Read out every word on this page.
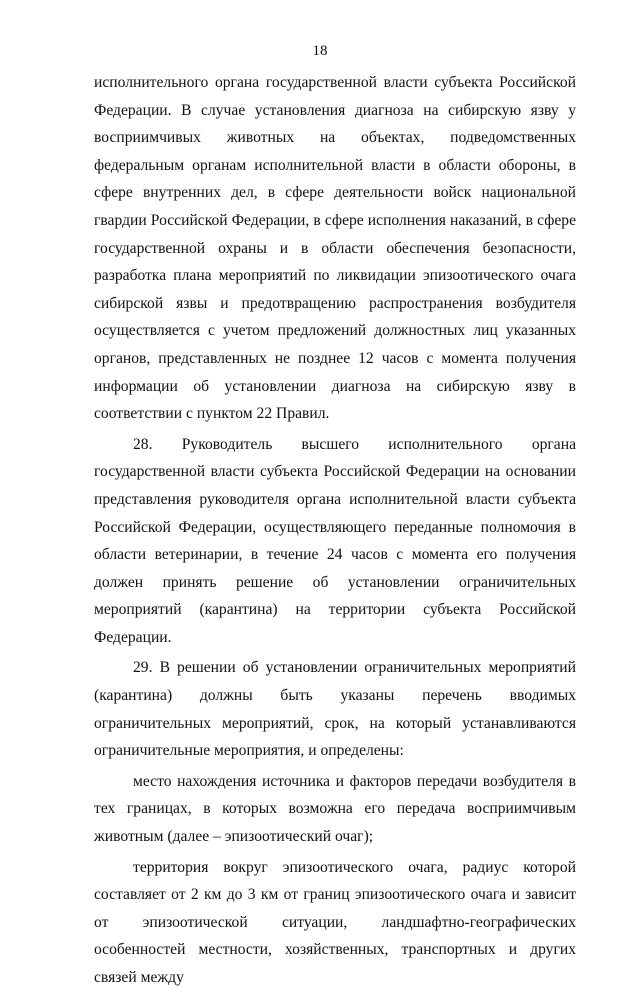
18

исполнительного органа государственной власти субъекта Российской Федерации. В случае установления диагноза на сибирскую язву у восприимчивых животных на объектах, подведомственных федеральным органам исполнительной власти в области обороны, в сфере внутренних дел, в сфере деятельности войск национальной гвардии Российской Федерации, в сфере исполнения наказаний, в сфере государственной охраны и в области обеспечения безопасности, разработка плана мероприятий по ликвидации эпизоотического очага сибирской язвы и предотвращению распространения возбудителя осуществляется с учетом предложений должностных лиц указанных органов, представленных не позднее 12 часов с момента получения информации об установлении диагноза на сибирскую язву в соответствии с пунктом 22 Правил.

28. Руководитель высшего исполнительного органа государственной власти субъекта Российской Федерации на основании представления руководителя органа исполнительной власти субъекта Российской Федерации, осуществляющего переданные полномочия в области ветеринарии, в течение 24 часов с момента его получения должен принять решение об установлении ограничительных мероприятий (карантина) на территории субъекта Российской Федерации.

29. В решении об установлении ограничительных мероприятий (карантина) должны быть указаны перечень вводимых ограничительных мероприятий, срок, на который устанавливаются ограничительные мероприятия, и определены:

место нахождения источника и факторов передачи возбудителя в тех границах, в которых возможна его передача восприимчивым животным (далее – эпизоотический очаг);

территория вокруг эпизоотического очага, радиус которой составляет от 2 км до 3 км от границ эпизоотического очага и зависит от эпизоотической ситуации, ландшафтно-географических особенностей местности, хозяйственных, транспортных и других связей между
